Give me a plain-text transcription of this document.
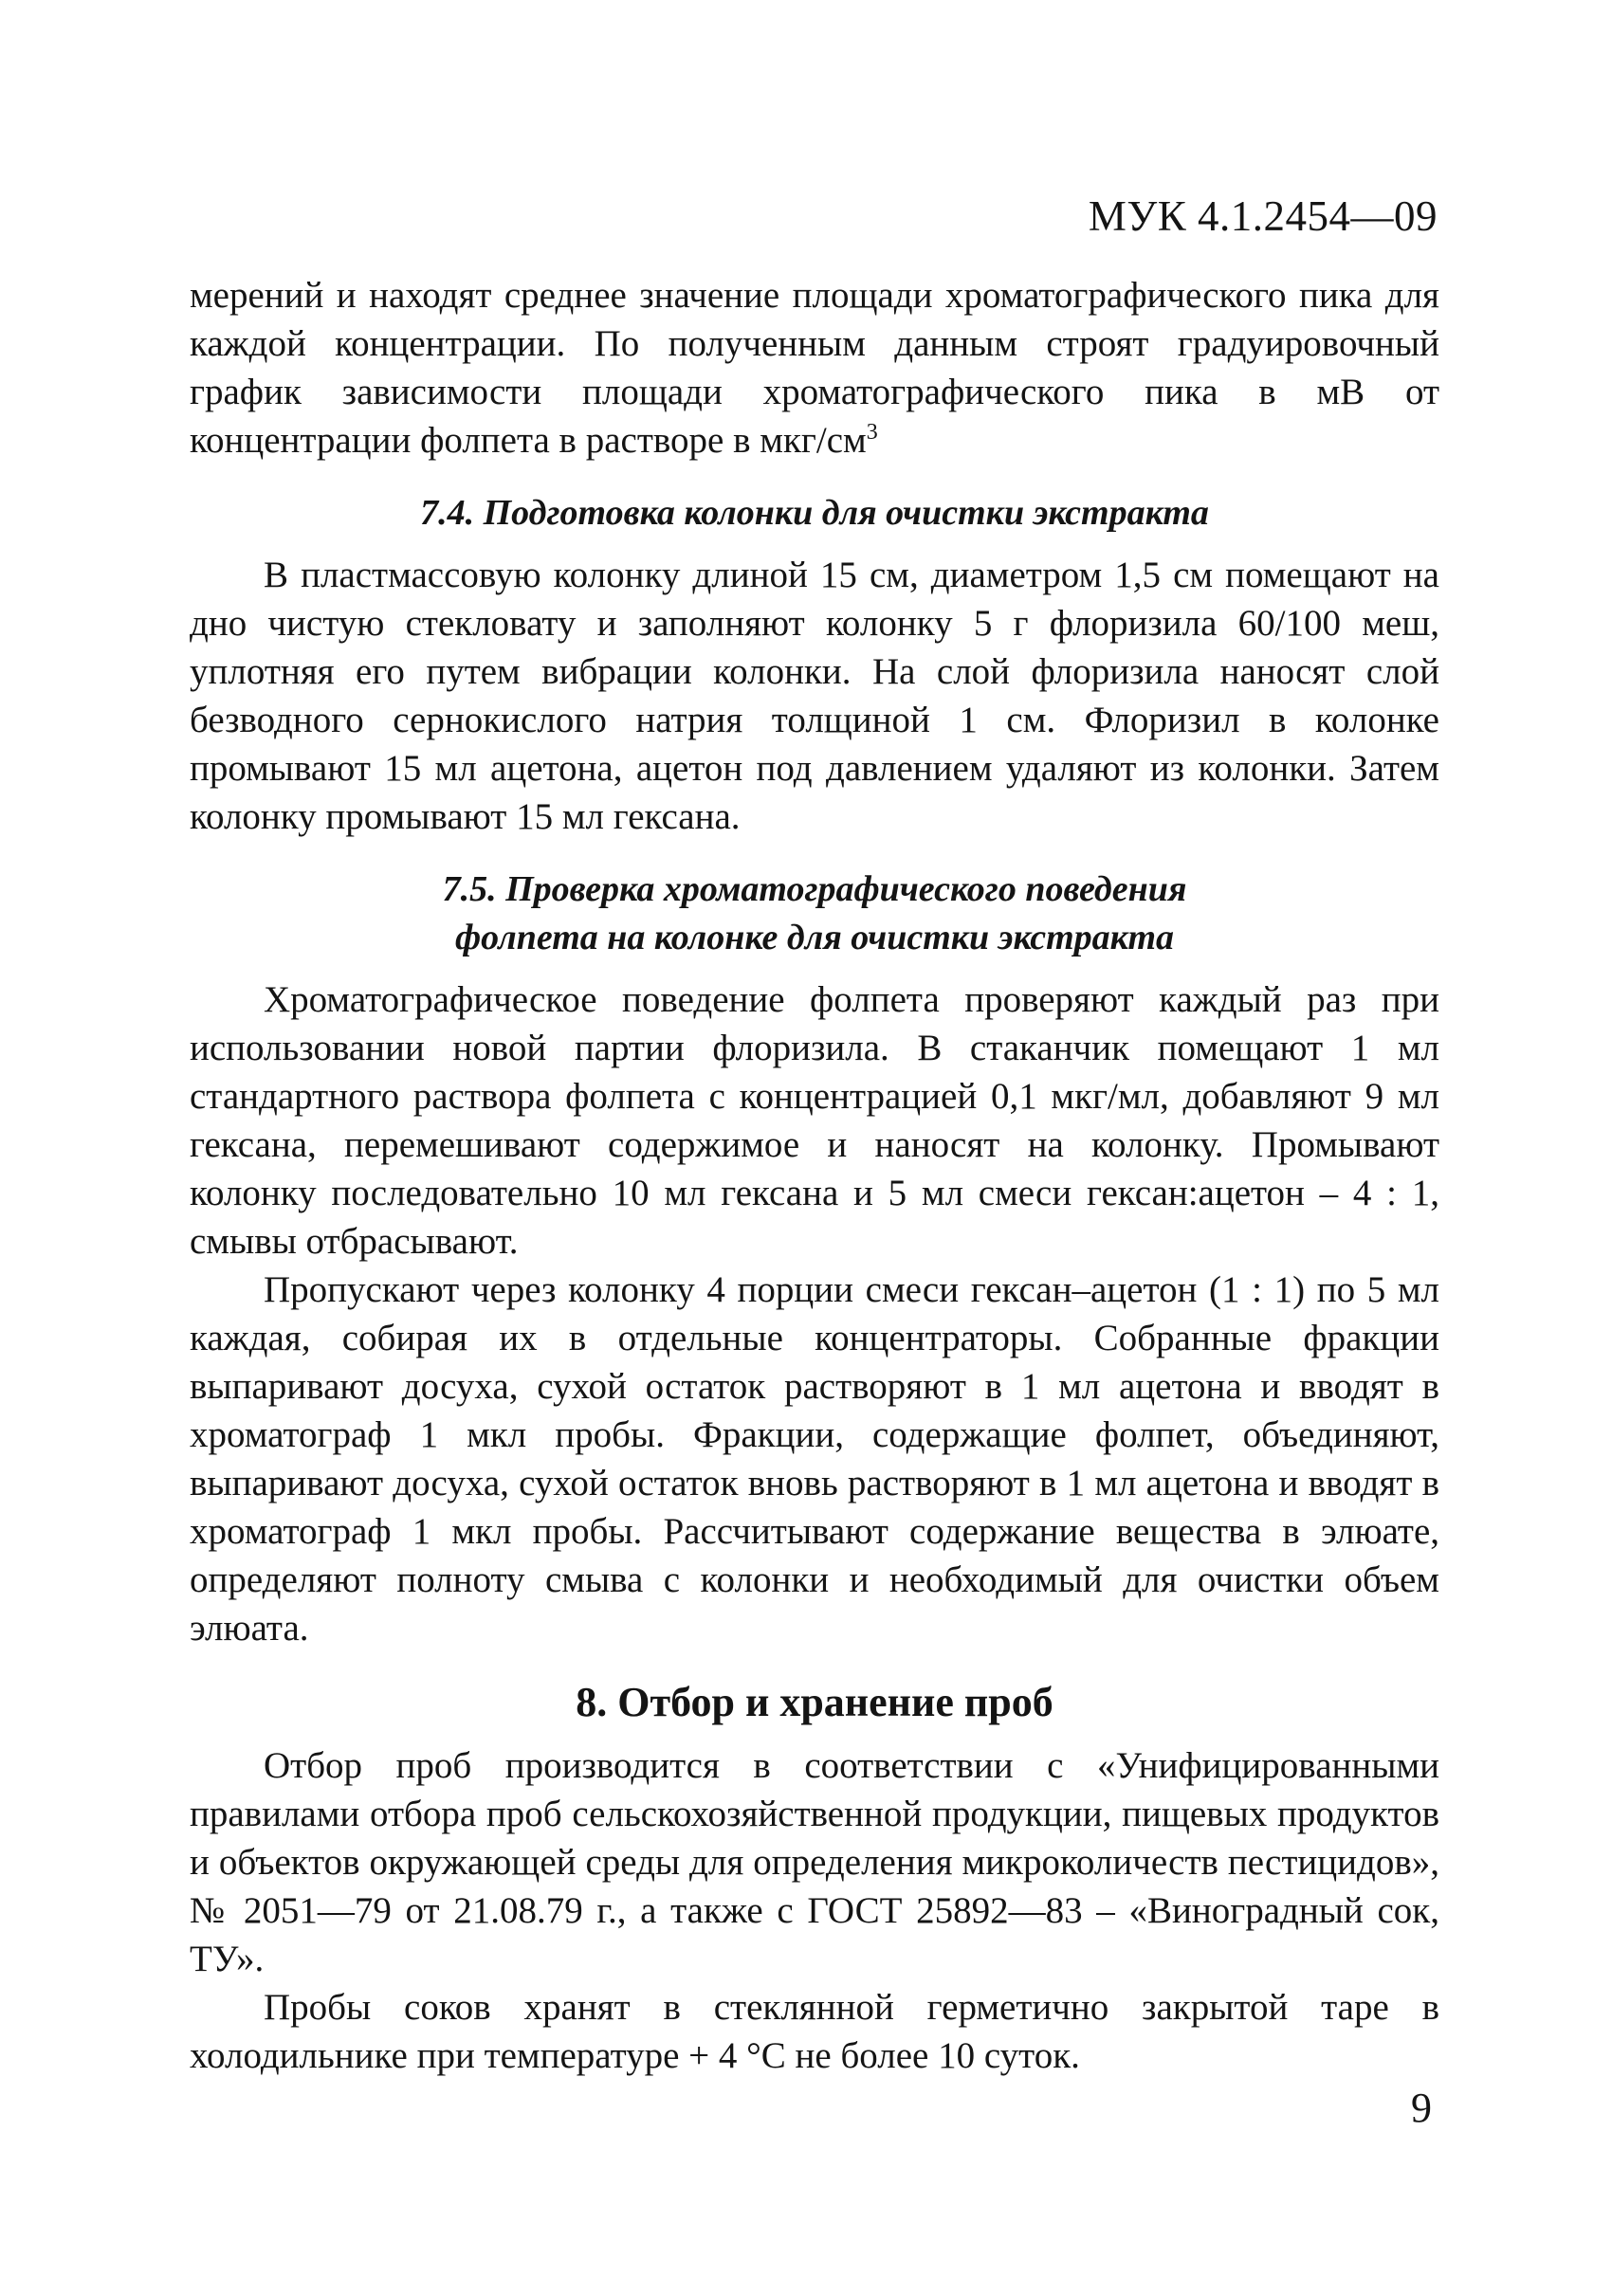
МУК 4.1.2454—09

мерений и находят среднее значение площади хроматографического пика для каждой концентрации. По полученным данным строят градуировочный график зависимости площади хроматографического пика в мВ от концентрации фолпета в растворе в мкг/$см^3$

7.4. Подготовка колонки для очистки экстракта

В пластмассовую колонку длиной 15 см, диаметром 1,5 см помещают на дно чистую стекловату и заполняют колонку 5 г флоризила 60/100 меш, уплотняя его путем вибрации колонки. На слой флоризила наносят слой безводного сернокислого натрия толщиной 1 см. Флоризил в колонке промывают 15 мл ацетона, ацетон под давлением удаляют из колонки. Затем колонку промывают 15 мл гексана.

7.5. Проверка хроматографического поведения
фолпета на колонке для очистки экстракта

Хроматографическое поведение фолпета проверяют каждый раз при использовании новой партии флоризила. В стаканчик помещают 1 мл стандартного раствора фолпета с концентрацией 0,1 мкг/мл, добавляют 9 мл гексана, перемешивают содержимое и наносят на колонку. Промывают колонку последовательно 10 мл гексана и 5 мл смеси гексан:ацетон – 4 : 1, смывы отбрасывают.

Пропускают через колонку 4 порции смеси гексан–ацетон (1 : 1) по 5 мл каждая, собирая их в отдельные концентраторы. Собранные фракции выпаривают досуха, сухой остаток растворяют в 1 мл ацетона и вводят в хроматограф 1 мкл пробы. Фракции, содержащие фолпет, объединяют, выпаривают досуха, сухой остаток вновь растворяют в 1 мл ацетона и вводят в хроматограф 1 мкл пробы. Рассчитывают содержание вещества в элюате, определяют полноту смыва с колонки и необходимый для очистки объем элюата.

8. Отбор и хранение проб

Отбор проб производится в соответствии с «Унифицированными правилами отбора проб сельскохозяйственной продукции, пищевых продуктов и объектов окружающей среды для определения микроколичеств пестицидов», № 2051—79 от 21.08.79 г., а также с ГОСТ 25892—83 – «Виноградный сок, ТУ».

Пробы соков хранят в стеклянной герметично закрытой таре в холодильнике при температуре + 4 °С не более 10 суток.

9
